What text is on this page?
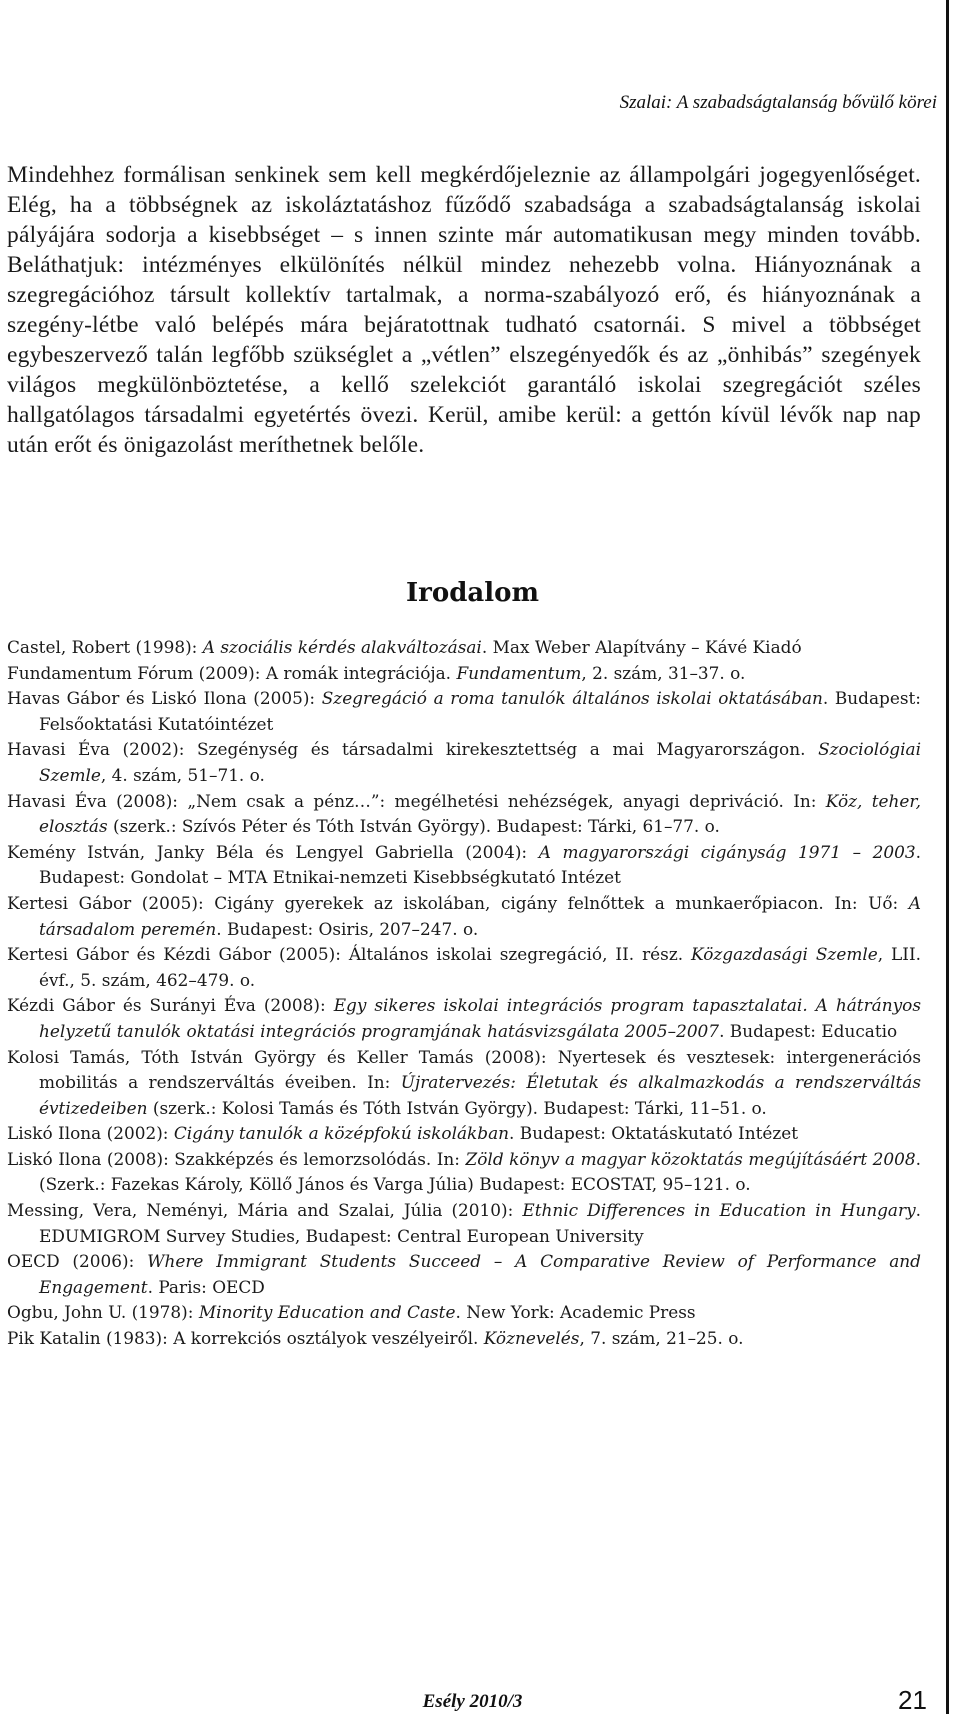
Szalai: A szabadságtalanság bővülő körei

Mindehhez formálisan senkinek sem kell megkérdőjeleznie az állampolgári jogegyenlőséget. Elég, ha a többségnek az iskoláztatáshoz fűződő szabadsága a szabadságtalanság iskolai pályájára sodorja a kisebbséget – s innen szinte már automatikusan megy minden tovább. Beláthatjuk: intézményes elkülönítés nélkül mindez nehezebb volna. Hiányoznának a szegregációhoz társult kollektív tartalmak, a norma-szabályozó erő, és hiányoznának a szegény-létbe való belépés mára bejáratottnak tudható csatornái. S mivel a többséget egybeszervező talán legfőbb szükséglet a „vétlen” elszegényedők és az „önhibás” szegények világos megkülönböztetése, a kellő szelekciót garantáló iskolai szegregációt széles hallgatólagos társadalmi egyetértés övezi. Kerül, amibe kerül: a gettón kívül lévők nap nap után erőt és önigazolást meríthetnek belőle.

Irodalom
Castel, Robert (1998): A szociális kérdés alakváltozásai. Max Weber Alapítvány – Kávé Kiadó
Fundamentum Fórum (2009): A romák integrációja. Fundamentum, 2. szám, 31–37. o.
Havas Gábor és Liskó Ilona (2005): Szegregáció a roma tanulók általános iskolai oktatásában. Budapest: Felsőoktatási Kutatóintézet
Havasi Éva (2002): Szegénység és társadalmi kirekesztettség a mai Magyarországon. Szociológiai Szemle, 4. szám, 51–71. o.
Havasi Éva (2008): „Nem csak a pénz…”: megélhetési nehézségek, anyagi depriváció. In: Köz, teher, elosztás (szerk.: Szívós Péter és Tóth István György). Budapest: Tárki, 61–77. o.
Kemény István, Janky Béla és Lengyel Gabriella (2004): A magyarországi cigányság 1971 – 2003. Budapest: Gondolat – MTA Etnikai-nemzeti Kisebbségkutató Intézet
Kertesi Gábor (2005): Cigány gyerekek az iskolában, cigány felnőttek a munkaerőpiacon. In: Uő: A társadalom peremén. Budapest: Osiris, 207–247. o.
Kertesi Gábor és Kézdi Gábor (2005): Általános iskolai szegregáció, II. rész. Közgazdasági Szemle, LII. évf., 5. szám, 462–479. o.
Kézdi Gábor és Surányi Éva (2008): Egy sikeres iskolai integrációs program tapasztalatai. A hátrányos helyzetű tanulók oktatási integrációs programjának hatásvizsgálata 2005–2007. Budapest: Educatio
Kolosi Tamás, Tóth István György és Keller Tamás (2008): Nyertesek és vesztesek: intergenerációs mobilitás a rendszerváltás éveiben. In: Újratervezés: Életutak és alkalmazkodás a rendszerváltás évtizedeiben (szerk.: Kolosi Tamás és Tóth István György). Budapest: Tárki, 11–51. o.
Liskó Ilona (2002): Cigány tanulók a középfokú iskolákban. Budapest: Oktatáskutató Intézet
Liskó Ilona (2008): Szakképzés és lemorzsolódás. In: Zöld könyv a magyar közoktatás megújításáért 2008. (Szerk.: Fazekas Károly, Köllő János és Varga Júlia) Budapest: ECOSTAT, 95–121. o.
Messing, Vera, Neményi, Mária and Szalai, Júlia (2010): Ethnic Differences in Education in Hungary. EDUMIGROM Survey Studies, Budapest: Central European University
OECD (2006): Where Immigrant Students Succeed – A Comparative Review of Performance and Engagement. Paris: OECD
Ogbu, John U. (1978): Minority Education and Caste. New York: Academic Press
Pik Katalin (1983): A korrekciós osztályok veszélyeiről. Köznevelés, 7. szám, 21–25. o.
Esély 2010/3	21
